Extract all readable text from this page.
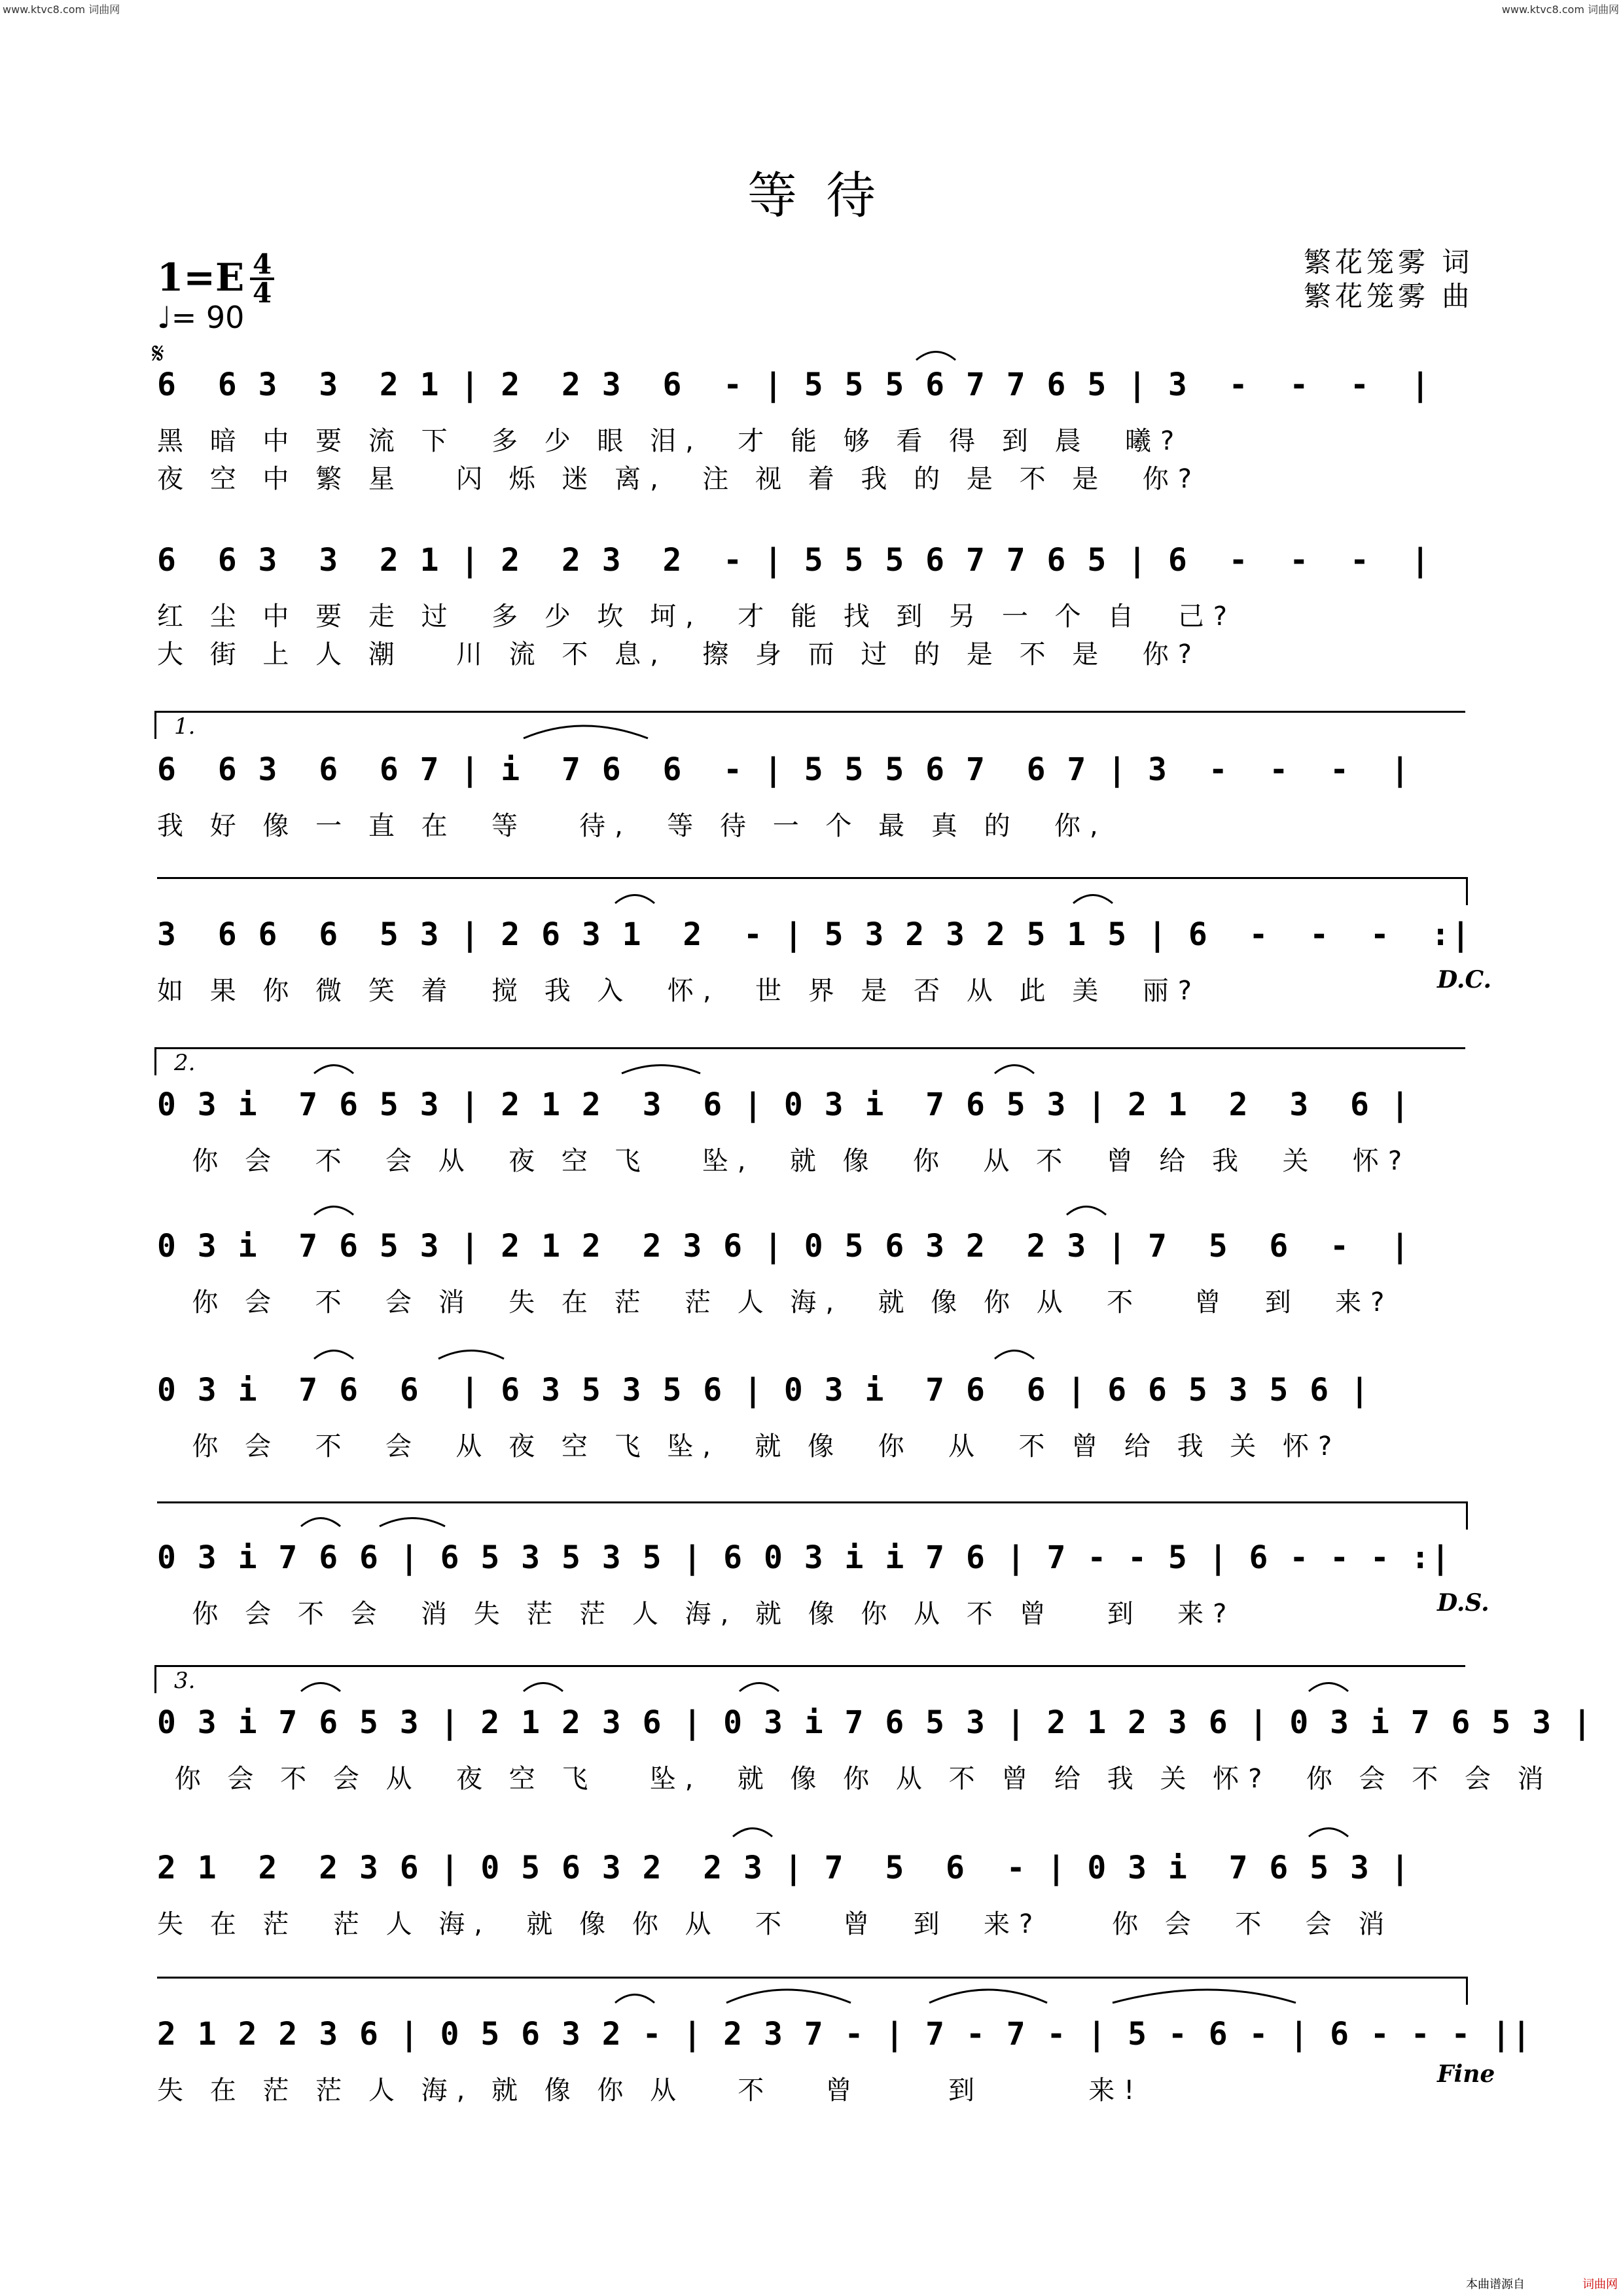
www.ktvc8.com 词曲网	www.ktvc8.com 词曲网
等待
1=E 4
4
♩= 90
𝄋
繁花笼雾 词
繁花笼雾 曲
6  6 3  3  2 1 | 2  2 3  6  - | 5 5 5 6 7 7 6 5 | 3  -  -  -  |
黑 暗 中 要 流 下  多 少 眼 泪,  才 能 够 看 得 到 晨  曦?
夜 空 中 繁 星   闪 烁 迷 离,  注 视 着 我 的 是 不 是  你?
6  6 3  3  2 1 | 2  2 3  2  - | 5 5 5 6 7 7 6 5 | 6  -  -  -  |
红 尘 中 要 走 过  多 少 坎 坷,  才 能 找 到 另 一 个 自  己?
大 街 上 人 潮   川 流 不 息,  擦 身 而 过 的 是 不 是  你?
1.
6  6 3  6  6 7 | i  7 6  6  - | 5 5 5 6 7  6 7 | 3  -  -  -  |
我 好 像 一 直 在  等   待,  等 待 一 个 最 真 的  你,
3  6 6  6  5 3 | 2 6 3 1  2  - | 5 3 2 3 2 5 1 5 | 6  -  -  -  :|
如 果 你 微 笑 着  搅 我 入  怀,  世 界 是 否 从 此 美  丽?	D.C.
2.
0 3 i  7 6 5 3 | 2 1 2  3  6 | 0 3 i  7 6 5 3 | 2 1  2  3  6 |
你 会  不  会 从  夜 空 飞   坠,  就 像  你  从 不  曾 给 我  关  怀?
0 3 i  7 6 5 3 | 2 1 2  2 3 6 | 0 5 6 3 2  2 3 | 7  5  6  -  |
你 会  不  会 消  失 在 茫  茫 人 海,  就 像 你 从  不   曾  到  来?
0 3 i  7 6  6  | 6 3 5 3 5 6 | 0 3 i  7 6  6 | 6 6 5 3 5 6 |
你 会  不  会  从 夜 空 飞 坠,  就 像  你  从  不 曾 给 我 关 怀?
0 3 i 7 6 6 | 6 5 3 5 3 5 | 6 0 3 i i 7 6 | 7 - - 5 | 6 - - - :|
你 会 不 会  消 失 茫 茫 人 海, 就 像 你 从 不 曾   到  来?	D.S.
3.
0 3 i 7 6 5 3 | 2 1 2 3 6 | 0 3 i 7 6 5 3 | 2 1 2 3 6 | 0 3 i 7 6 5 3 |
你 会 不 会 从  夜 空 飞   坠,  就 像 你 从 不 曾 给 我 关 怀?  你 会 不 会 消
2 1  2  2 3 6 | 0 5 6 3 2  2 3 | 7  5  6  - | 0 3 i  7 6 5 3 |
失 在 茫  茫 人 海,  就 像 你 从  不   曾  到  来?    你 会  不  会 消
2 1 2 2 3 6 | 0 5 6 3 2 - | 2 3 7 - | 7 - 7 - | 5 - 6 - | 6 - - - ||
失 在 茫 茫 人 海, 就 像 你 从   不   曾     到      来!
Fine
本曲谱源自	词曲网
